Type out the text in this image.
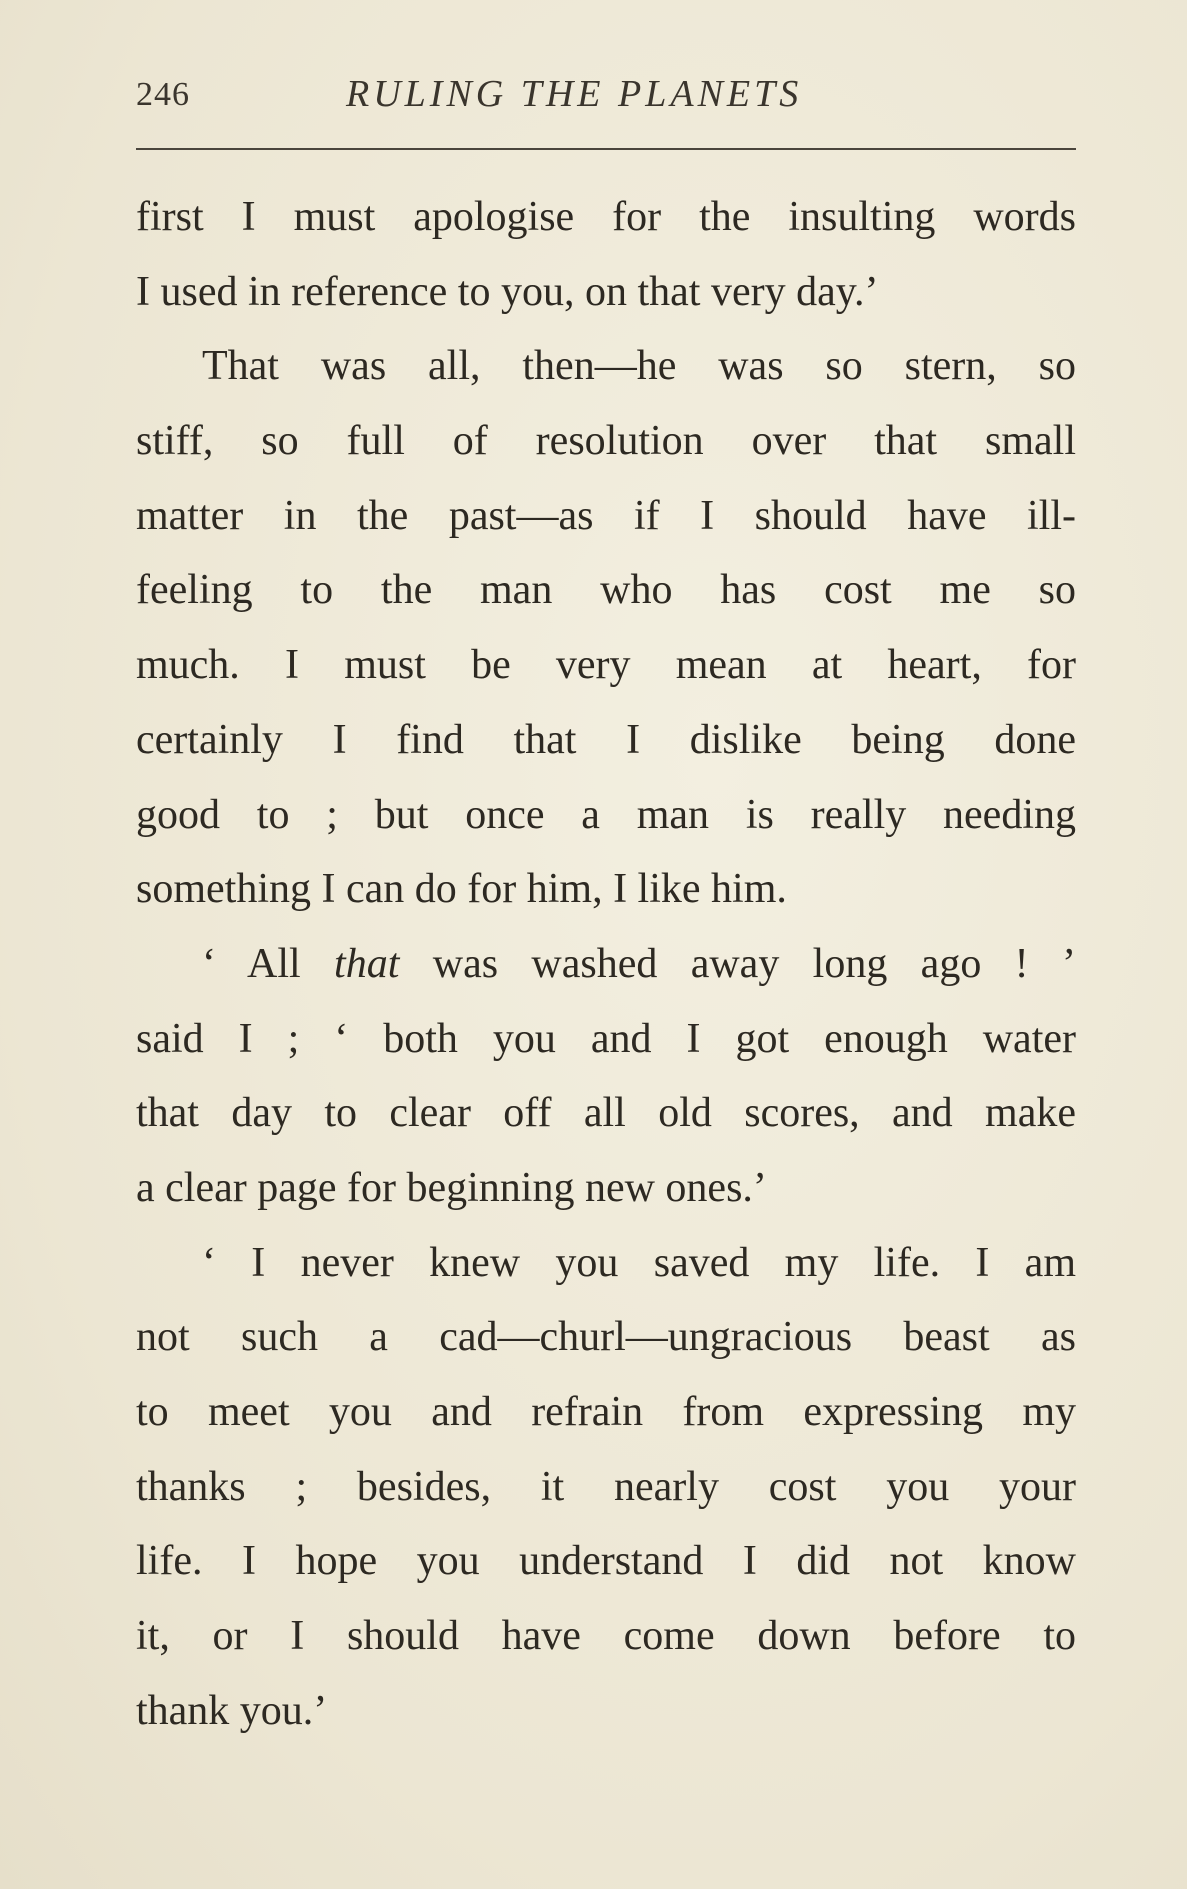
246	RULING THE PLANETS
first I must apologise for the insulting words
I used in reference to you, on that very day.’
That was all, then—he was so stern, so
stiff, so full of resolution over that small
matter in the past—as if I should have ill-
feeling to the man who has cost me so
much. I must be very mean at heart, for
certainly I find that I dislike being done
good to ; but once a man is really needing
something I can do for him, I like him.
‘ All that was washed away long ago ! ’
said I ; ‘ both you and I got enough water
that day to clear off all old scores, and make
a clear page for beginning new ones.’
‘ I never knew you saved my life. I am
not such a cad—churl—ungracious beast as
to meet you and refrain from expressing my
thanks ; besides, it nearly cost you your
life. I hope you understand I did not know
it, or I should have come down before to
thank you.’
